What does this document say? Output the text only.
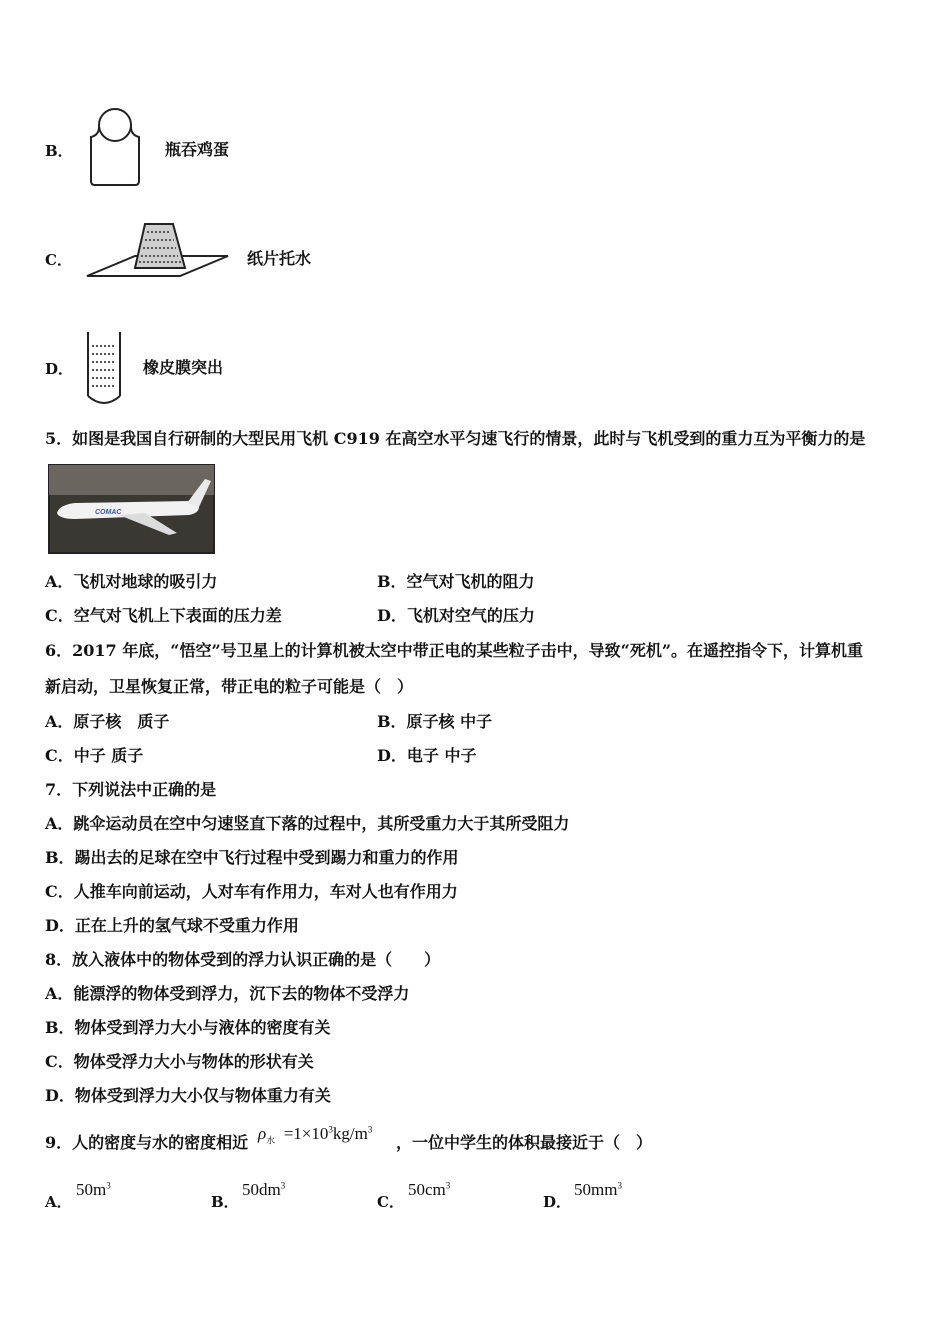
B．	瓶吞鸡蛋
C．	纸片托水
D．	橡皮膜突出
5．如图是我国自行研制的大型民用飞机 C919 在高空水平匀速飞行的情景，此时与飞机受到的重力互为平衡力的是
COMAC
A．飞机对地球的吸引力	B．空气对飞机的阻力
C．空气对飞机上下表面的压力差	D．飞机对空气的压力
6．2017 年底，“悟空”号卫星上的计算机被太空中带正电的某些粒子击中，导致“死机”。在遥控指令下，计算机重
新启动，卫星恢复正常，带正电的粒子可能是（　）
A．原子核　质子	B．原子核 中子
C．中子 质子	D．电子 中子
7．下列说法中正确的是
A．跳伞运动员在空中匀速竖直下落的过程中，其所受重力大于其所受阻力
B．踢出去的足球在空中飞行过程中受到踢力和重力的作用
C．人推车向前运动，人对车有作用力，车对人也有作用力
D．正在上升的氢气球不受重力作用
8．放入液体中的物体受到的浮力认识正确的是（　　）
A．能漂浮的物体受到浮力，沉下去的物体不受浮力
B．物体受到浮力大小与液体的密度有关
C．物体受浮力大小与物体的形状有关
D．物体受到浮力大小仅与物体重力有关
9．人的密度与水的密度相近 $\rho_水 =1\times 10^3kg/m^3$
，一位中学生的体积最接近于（　）
A．
$50m^3$
B．
$50dm^3$
C．
$50cm^3$
D．
$50mm^3$
